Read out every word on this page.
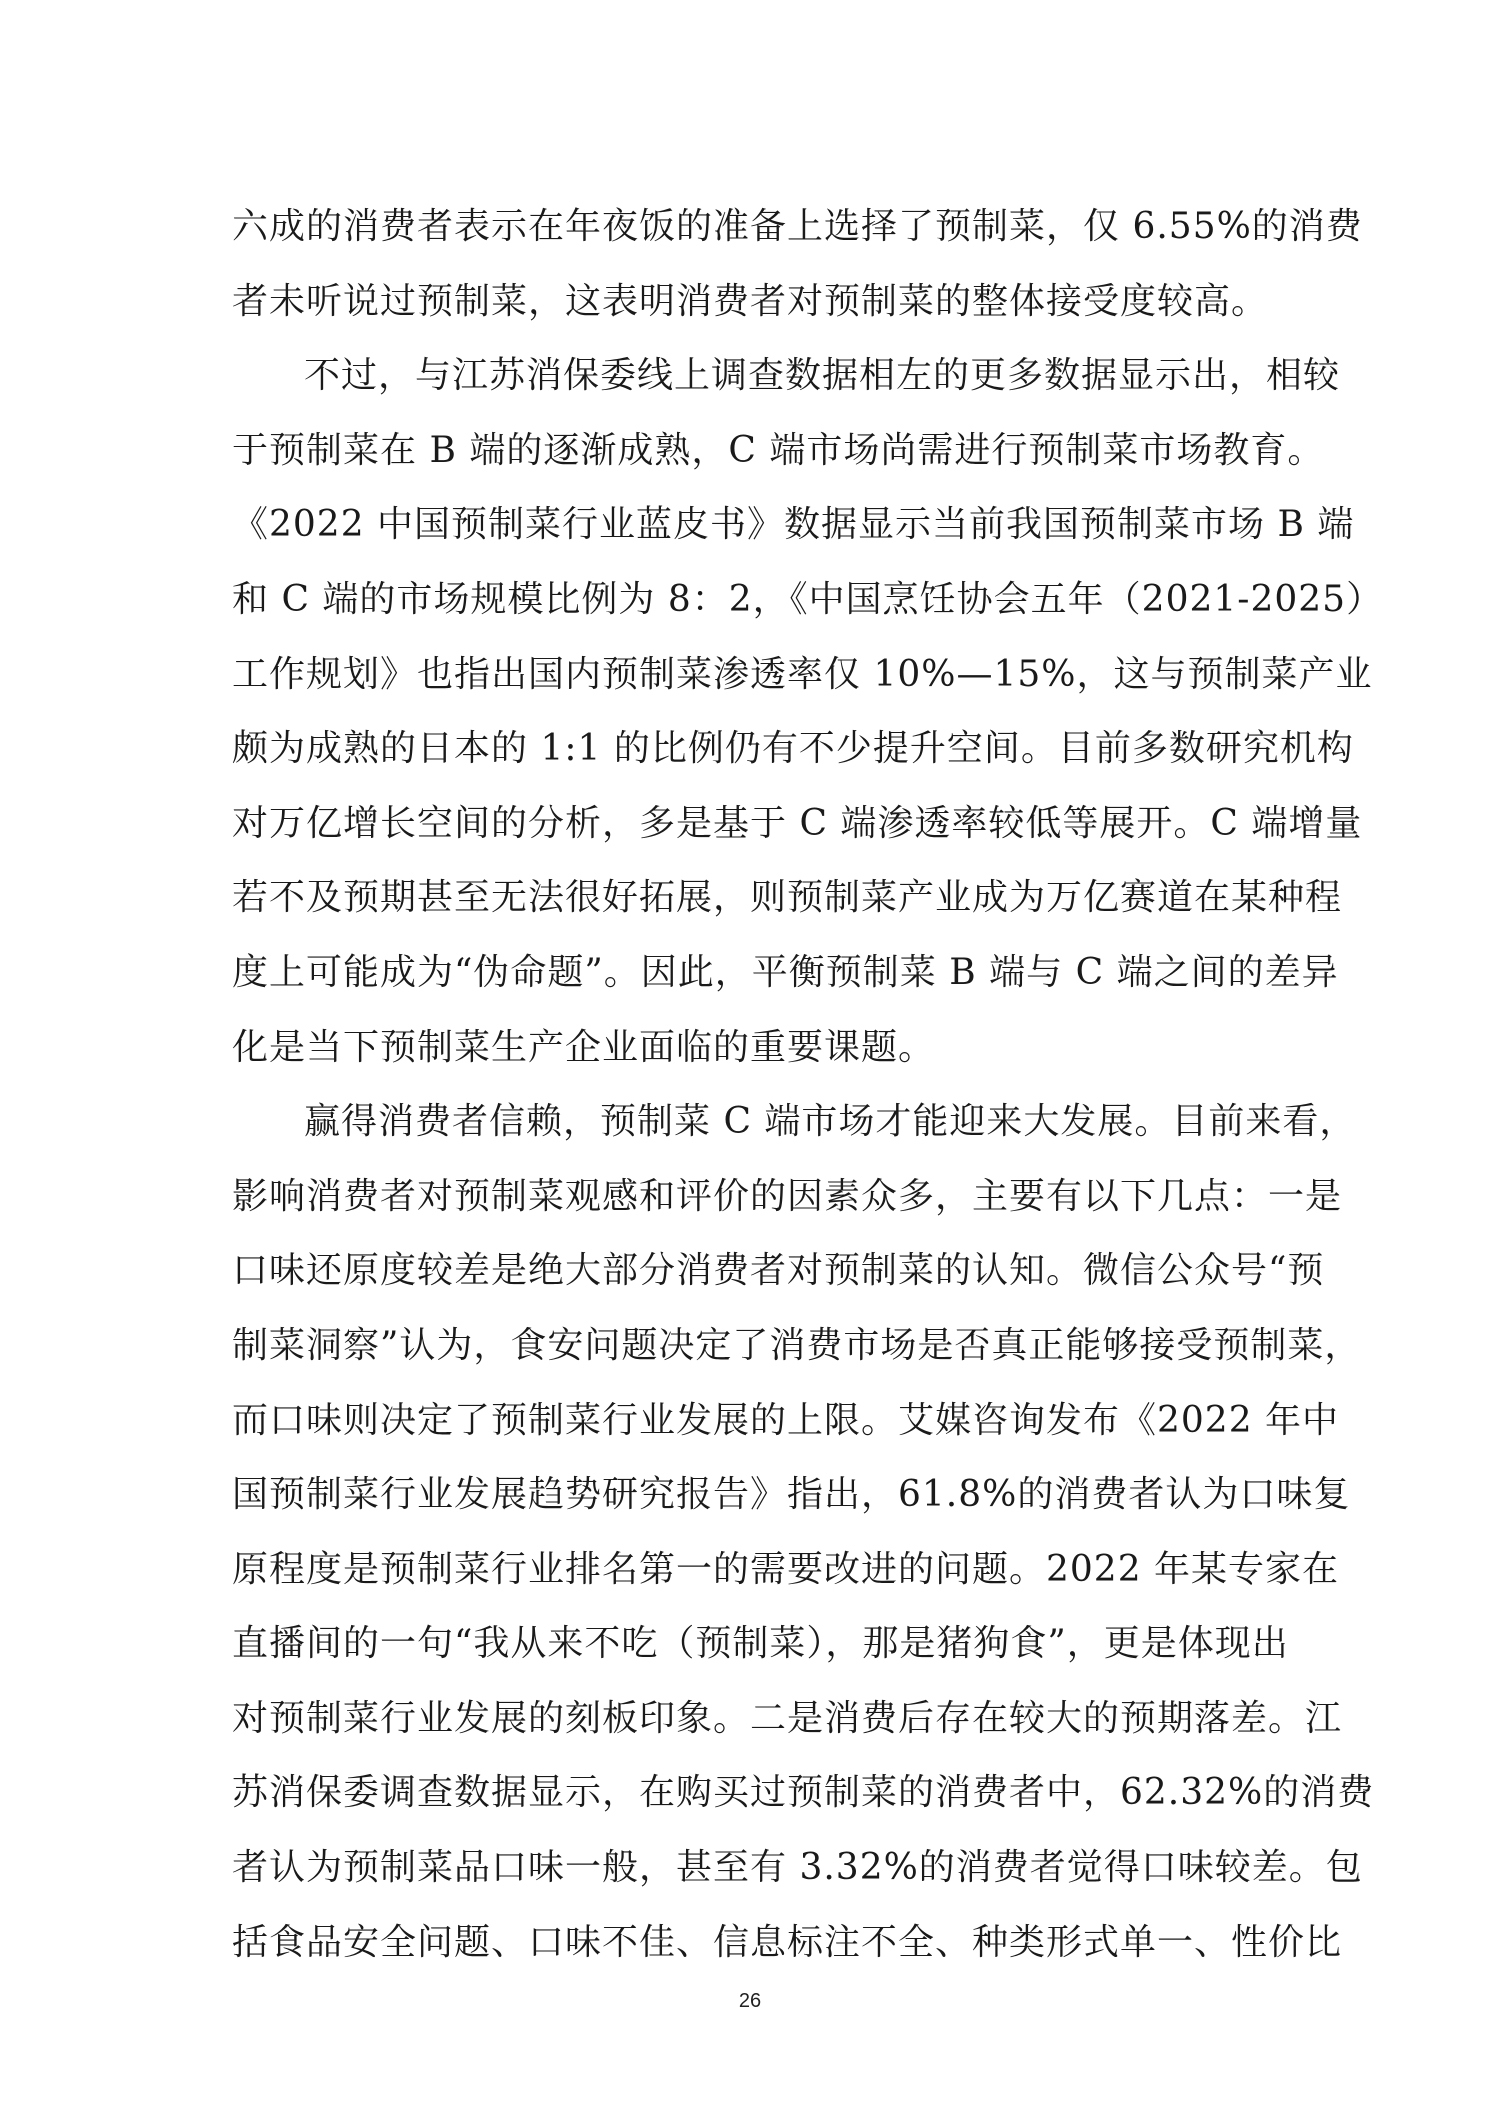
六成的消费者表示在年夜饭的准备上选择了预制菜，仅 6.55%的消费
者未听说过预制菜，这表明消费者对预制菜的整体接受度较高。
不过，与江苏消保委线上调查数据相左的更多数据显示出，相较
于预制菜在 B 端的逐渐成熟，C 端市场尚需进行预制菜市场教育。
《2022 中国预制菜行业蓝皮书》数据显示当前我国预制菜市场 B 端
和 C 端的市场规模比例为 8：2，《中国烹饪协会五年（2021-2025）
工作规划》也指出国内预制菜渗透率仅 10%—15%，这与预制菜产业
颇为成熟的日本的 1:1 的比例仍有不少提升空间。目前多数研究机构
对万亿增长空间的分析，多是基于 C 端渗透率较低等展开。C 端增量
若不及预期甚至无法很好拓展，则预制菜产业成为万亿赛道在某种程
度上可能成为“伪命题”。因此，平衡预制菜 B 端与 C 端之间的差异
化是当下预制菜生产企业面临的重要课题。
赢得消费者信赖，预制菜 C 端市场才能迎来大发展。目前来看，
影响消费者对预制菜观感和评价的因素众多，主要有以下几点：一是
口味还原度较差是绝大部分消费者对预制菜的认知。微信公众号“预
制菜洞察”认为，食安问题决定了消费市场是否真正能够接受预制菜，
而口味则决定了预制菜行业发展的上限。艾媒咨询发布《2022 年中
国预制菜行业发展趋势研究报告》指出，61.8%的消费者认为口味复
原程度是预制菜行业排名第一的需要改进的问题。2022 年某专家在
直播间的一句“我从来不吃（预制菜），那是猪狗食”，更是体现出
对预制菜行业发展的刻板印象。二是消费后存在较大的预期落差。江
苏消保委调查数据显示，在购买过预制菜的消费者中，62.32%的消费
者认为预制菜品口味一般，甚至有 3.32%的消费者觉得口味较差。包
括食品安全问题、口味不佳、信息标注不全、种类形式单一、性价比
26
